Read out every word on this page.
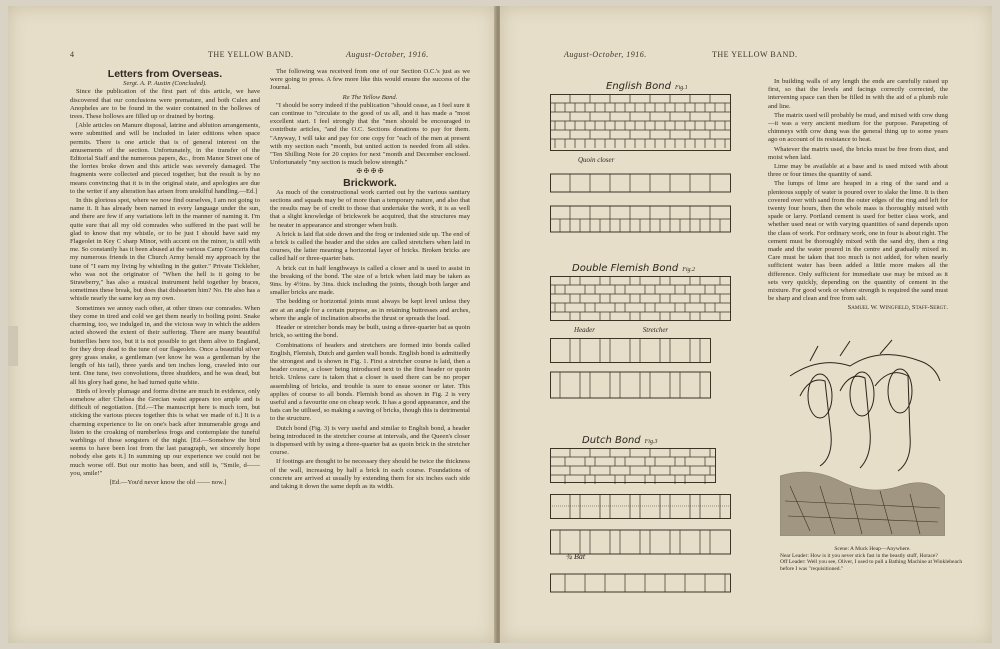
4	THE YELLOW BAND.	August-October, 1916.
Letters from Overseas.
Sergt. A. P. Austin (Concluded).

Since the publication of the first part of this article, we have discovered that our conclusions were premature, and both Culex and Anopheles are to be found in the water contained in the hollows of trees. These hollows are filled up or drained by boring.

[Able articles on Manure disposal, latrine and ablution arrangements, were submitted and will be included in later editions when space permits. There is one article that is of general interest on the amusements of the section. Unfortunately, in the transfer of the Editorial Staff and the numerous papers, &c., from Manor Street one of the lorries broke down and this article was severely damaged. The fragments were collected and pieced together, but the result is by no means convincing that it is in the original state, and apologies are due to the writer if any alteration has arisen from unskilful handling.—Ed.]

In this glorious spot, where we now find ourselves, I am not going to name it. It has already been named in every language under the sun, and there are few if any variations left in the manner of naming it. I'm quite sure that all my old comrades who suffered in the past will be glad to know that my whistle, or to be just I should have said my Flageolet in Key C sharp Minor, with accent on the minor, is still with me. So constantly has it been abused at the various Camp Concerts that my numerous friends in the Church Army herald my approach by the tune of "I earn my living by whistling in the gutter." Private Tickleher, who was not the originator of "When the hell is it going to be Strawberry," has also a musical instrument held together by braces, sometimes these break, but does that dishearten him? No. He also has a whistle nearly the same key as my own.

Sometimes we annoy each other, at other times our comrades. When they come in tired and cold we get them nearly to boiling point. Snake charming, too, we indulged in, and the vicious way in which the adders acted showed the extent of their suffering. There are many beautiful butterflies here too, but it is not possible to get them alive to England, for they drop dead to the tune of our flageolets. Once a beautiful silver grey grass snake, a gentleman (we know he was a gentleman by the length of his tail), three yards and ten inches long, crawled into our tent. One tune, two convolutions, three shudders, and he was dead, but all his glory had gone, he had turned quite white.

Birds of lovely plumage and forms divine are much in evidence, only somehow after Chelsea the Grecian waist appears too ample and is difficult of negotiation. [Ed.—The manuscript here is much torn, but sticking the various pieces together this is what we made of it.] It is a charming experience to lie on one's back after innumerable grogs and listen to the croaking of numberless frogs and contemplate the tuneful warblings of those songsters of the night. [Ed.—Somehow the bird seems to have been lost from the last paragraph, we sincerely hope nobody else gets it.] In summing up our experience we could not be much worse off. But our motto has been, and still is, "Smile, d—— you, smile!"

[Ed.—You'd never know the old —— now.]

The following was received from one of our Section O.C.'s just as we were going to press. A few more like this would ensure the success of the Journal.

Re The Yellow Band.

"I should be sorry indeed if the publication "should cease, as I feel sure it can continue to "circulate to the good of us all, and it has made a "most excellent start. I feel strongly that the "men should be encouraged to contribute articles, "and the O.C. Sections donations to pay for them. "Anyway, I will take and pay for one copy for "each of the men at present with my section each "month, but united action is needed from all sides. "Ten Shilling Note for 20 copies for next "month and December enclosed. Unfortunately "my section is much below strength."

✠ ✠ ✠ ✠
Brickwork.

As much of the constructional work carried out by the various sanitary sections and squads may be of more than a temporary nature, and also that the results may be of credit to those that undertake the work, it is as well that a slight knowledge of brickwork be acquired, that the structures may be neater in appearance and stronger when built.

A brick is laid flat side down and the frog or indented side up. The end of a brick is called the header and the sides are called stretchers when laid in courses, the latter meaning a horizontal layer of bricks. Broken bricks are called half or three-quarter bats.

A brick cut in half lengthways is called a closer and is used to assist in the breaking of the bond. The size of a brick when laid may be taken as 9ins. by 4½ins. by 3ins. thick including the joints, though both larger and smaller bricks are made.

The bedding or horizontal joints must always be kept level unless they are at an angle for a certain purpose, as in retaining buttresses and arches, where the angle of inclination absorbs the thrust or spreads the load.

Header or stretcher bonds may be built, using a three-quarter bat as quoin brick, so setting the bond.

Combinations of headers and stretchers are formed into bonds called English, Flemish, Dutch and garden wall bonds. English bond is admittedly the strongest and is shown in Fig. 1. First a stretcher course is laid, then a header course, a closer being introduced next to the first header or quoin brick. Unless care is taken that a closer is used there can be no proper assembling of bricks, and trouble is sure to ensue sooner or later. This applies of course to all bonds. Flemish bond as shown in Fig. 2 is very useful and a favourite one on cheap work. It has a good appearance, and the bats can be utilised, so making a saving of bricks, though this is detrimental to the structure.

Dutch bond (Fig. 3) is very useful and similar to English bond, a header being introduced in the stretcher course at intervals, and the Queen's closer is dispensed with by using a three-quarter bat as quoin brick in the stretcher course.

If footings are thought to be necessary they should be twice the thickness of the wall, increasing by half a brick in each course. Foundations of concrete are arrived at usually by extending them for six inches each side and taking it down the same depth as its width.

August-October, 1916.	THE YELLOW BAND.
English Bond Fig.1
Quoin closer
Double Flemish Bond Fig.2
Header	Stretcher
Dutch Bond Fig.3
¾ Bat

In building walls of any length the ends are carefully raised up first, so that the levels and facings correctly corrected, the intervening space can then be filled in with the aid of a plumb rule and line.

The matrix used will probably be mud, and mixed with cow dung—it was a very ancient medium for the purpose. Parapeting of chimneys with cow dung was the general thing up to some years ago on account of its resistance to heat.

Whatever the matrix used, the bricks must be free from dust, and moist when laid.

Lime may be available at a base and is used mixed with about three or four times the quantity of sand.

The lumps of lime are heaped in a ring of the sand and a plenteous supply of water is poured over to slake the lime. It is then covered over with sand from the outer edges of the ring and left for twenty four hours, then the whole mass is thoroughly mixed with spade or larry. Portland cement is used for better class work, and whether used neat or with varying quantities of sand depends upon the class of work. For ordinary work, one in four is about right. The cement must be thoroughly mixed with the sand dry, then a ring made and the water poured in the centre and gradually mixed in. Care must be taken that too much is not added, for when nearly sufficient water has been added a little more makes all the difference. Only sufficient for immediate use may be mixed as it sets very quickly, depending on the quantity of cement in the mixture. For good work or where strength is required the sand must be sharp and clean and free from salt.

Samuel W. Wingfield, Staff-Sergt.
Scene: A Muck Heap—Anywhere.
Near Leader: How is it you never stick fast in the beastly stuff, Horace?
Off Leader: Well you see, Oliver, I used to pull a Bathing Machine at Winklebeach before I was "requisitioned."
